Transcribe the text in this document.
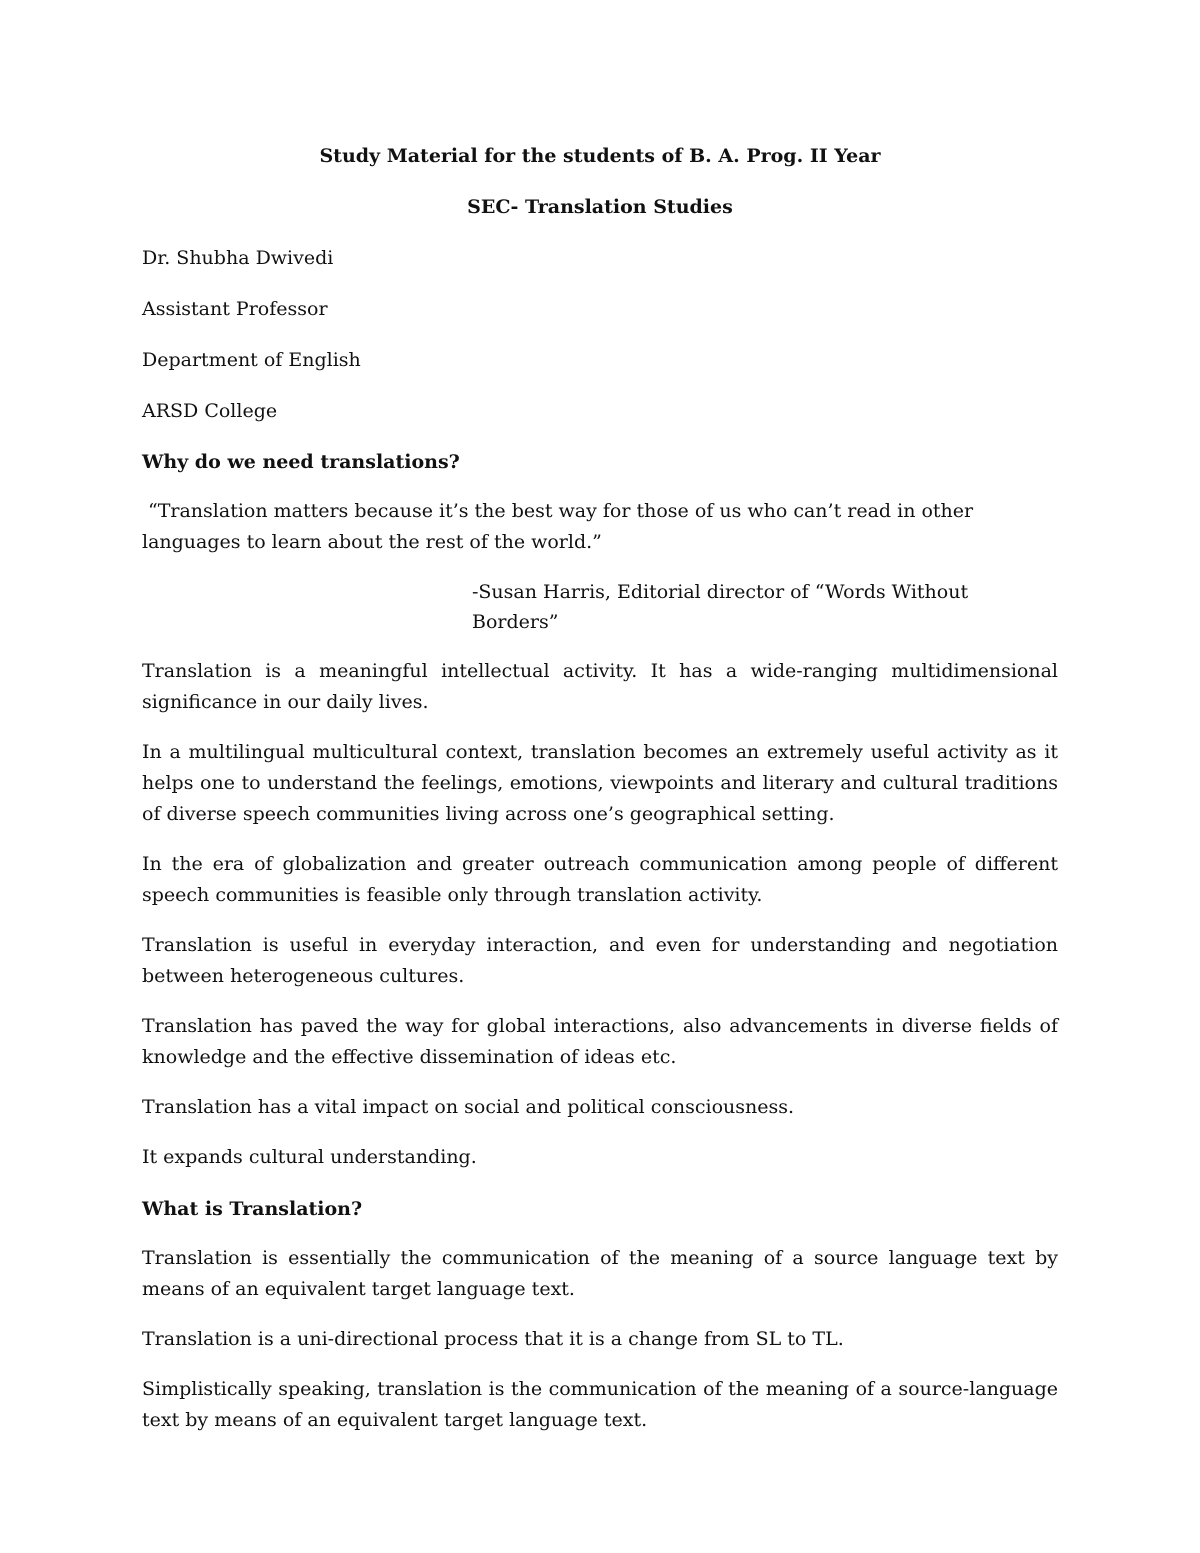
Study Material for the students of B. A. Prog. II Year

SEC- Translation Studies

Dr. Shubha Dwivedi

Assistant Professor

Department of English

ARSD College

Why do we need translations?

“Translation matters because it’s the best way for those of us who can’t read in other languages to learn about the rest of the world.”

-Susan Harris, Editorial director of “Words Without Borders”

Translation is a meaningful intellectual activity. It has a wide-ranging multidimensional significance in our daily lives.

In a multilingual multicultural context, translation becomes an extremely useful activity as it helps one to understand the feelings, emotions, viewpoints and literary and cultural traditions of diverse speech communities living across one’s geographical setting.

In the era of globalization and greater outreach communication among people of different speech communities is feasible only through translation activity.

Translation is useful in everyday interaction, and even for understanding and negotiation between heterogeneous cultures.

Translation has paved the way for global interactions, also advancements in diverse fields of knowledge and the effective dissemination of ideas etc.

Translation has a vital impact on social and political consciousness.

It expands cultural understanding.

What is Translation?

Translation is essentially the communication of the meaning of a source language text by means of an equivalent target language text.

Translation is a uni-directional process that it is a change from SL to TL.

Simplistically speaking, translation is the communication of the meaning of a source-language text by means of an equivalent target language text.
